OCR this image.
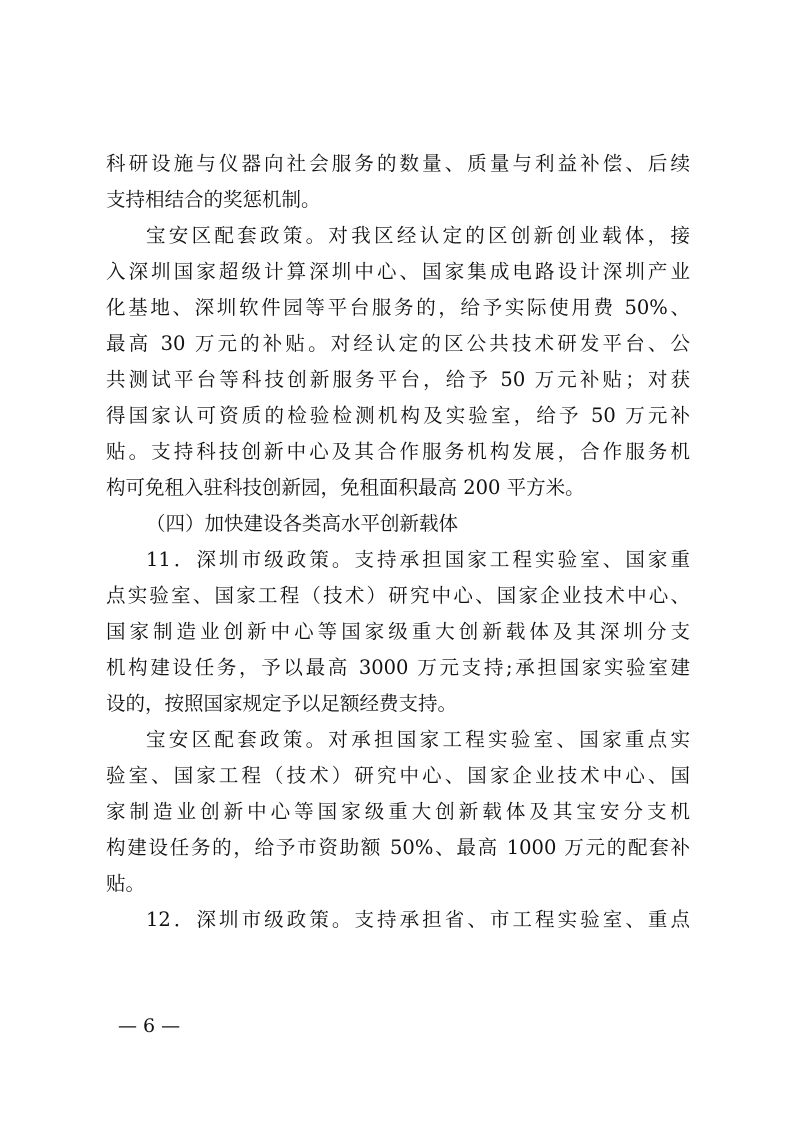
科研设施与仪器向社会服务的数量、质量与利益补偿、后续
支持相结合的奖惩机制。
宝安区配套政策。对我区经认定的区创新创业载体，接
入深圳国家超级计算深圳中心、国家集成电路设计深圳产业
化基地、深圳软件园等平台服务的，给予实际使用费 50%、
最高 30 万元的补贴。对经认定的区公共技术研发平台、公
共测试平台等科技创新服务平台，给予 50 万元补贴；对获
得国家认可资质的检验检测机构及实验室，给予 50 万元补
贴。支持科技创新中心及其合作服务机构发展，合作服务机
构可免租入驻科技创新园，免租面积最高 200 平方米。
（四）加快建设各类高水平创新载体
11．深圳市级政策。支持承担国家工程实验室、国家重
点实验室、国家工程（技术）研究中心、国家企业技术中心、
国家制造业创新中心等国家级重大创新载体及其深圳分支
机构建设任务，予以最高 3000 万元支持;承担国家实验室建
设的，按照国家规定予以足额经费支持。
宝安区配套政策。对承担国家工程实验室、国家重点实
验室、国家工程（技术）研究中心、国家企业技术中心、国
家制造业创新中心等国家级重大创新载体及其宝安分支机
构建设任务的，给予市资助额 50%、最高 1000 万元的配套补
贴。
12．深圳市级政策。支持承担省、市工程实验室、重点
— 6 —
